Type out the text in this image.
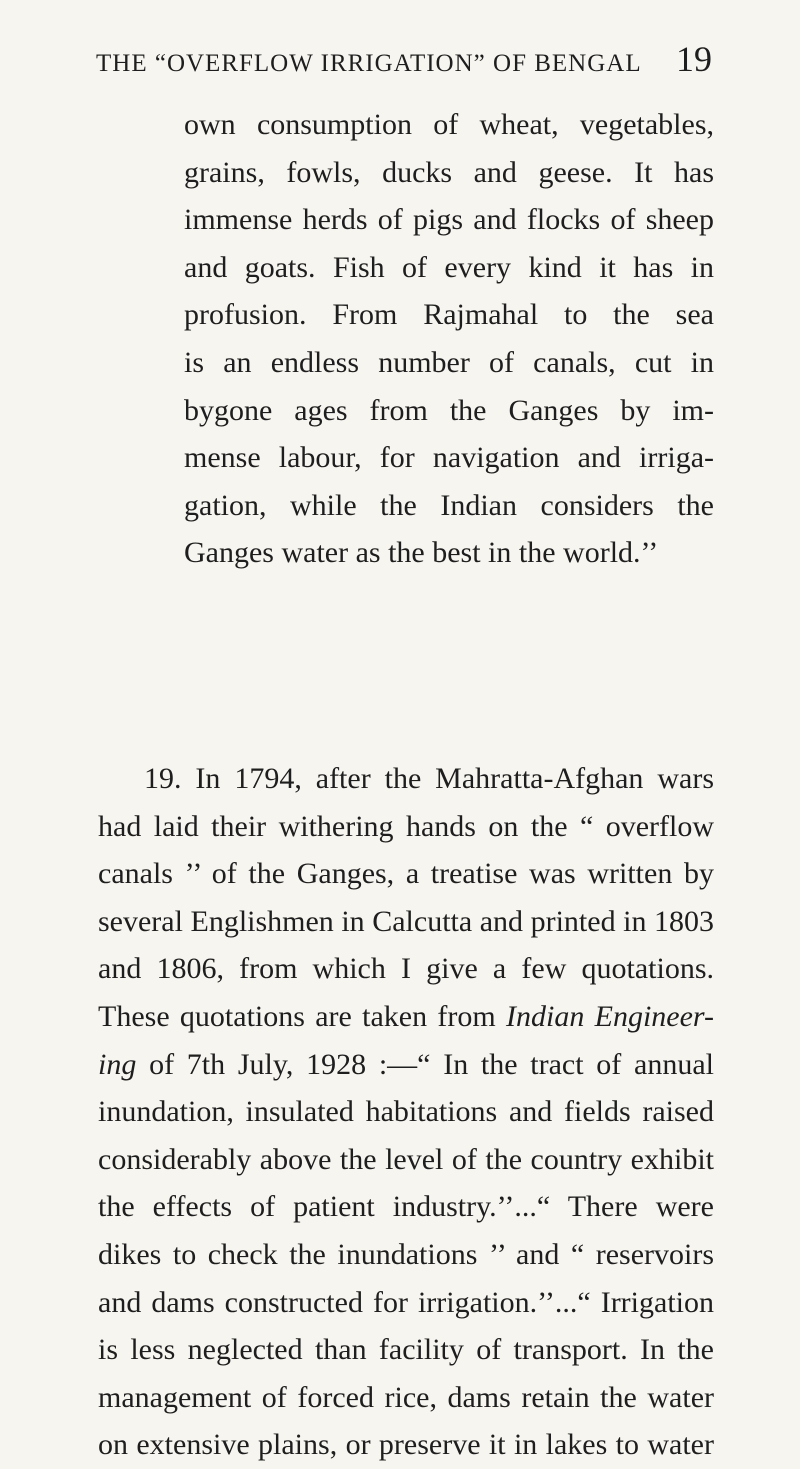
THE “OVERFLOW IRRIGATION” OF BENGAL 19
own consumption of wheat, vegetables,
grains, fowls, ducks and geese. It has
immense herds of pigs and flocks of sheep
and goats. Fish of every kind it has in
profusion. From Rajmahal to the sea
is an endless number of canals, cut in
bygone ages from the Ganges by im-
mense labour, for navigation and irriga-
gation, while the Indian considers the
Ganges water as the best in the world.’’
19. In 1794, after the Mahratta-Afghan wars
had laid their withering hands on the “ overflow
canals ’’ of the Ganges, a treatise was written by
several Englishmen in Calcutta and printed in 1803
and 1806, from which I give a few quotations.
These quotations are taken from Indian Engineer-
ing of 7th July, 1928 :—“ In the tract of annual
inundation, insulated habitations and fields raised
considerably above the level of the country exhibit
the effects of patient industry.’’...“ There were
dikes to check the inundations ’’ and “ reservoirs
and dams constructed for irrigation.’’...“ Irrigation
is less neglected than facility of transport. In the
management of forced rice, dams retain the water
on extensive plains, or preserve it in lakes to water
